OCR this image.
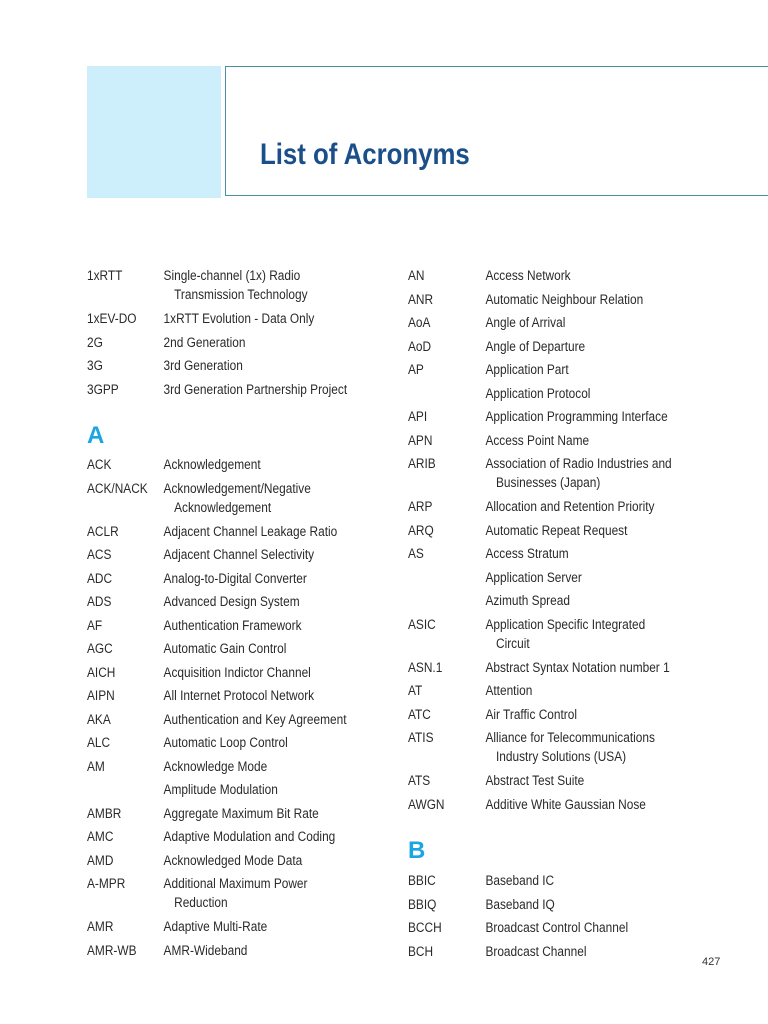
List of Acronyms
1xRTT	Single-channel (1x) Radio
Transmission Technology
1xEV-DO 1xRTT Evolution - Data Only
2G	2nd Generation
3G	3rd Generation
3GPP	3rd Generation Partnership Project
A
ACK	Acknowledgement
ACK/NACK Acknowledgement/Negative
Acknowledgement
ACLR	Adjacent Channel Leakage Ratio
ACS	Adjacent Channel Selectivity
ADC	Analog-to-Digital Converter
ADS	Advanced Design System
AF	Authentication Framework
AGC	Automatic Gain Control
AICH	Acquisition Indictor Channel
AIPN	All Internet Protocol Network
AKA	Authentication and Key Agreement
ALC	Automatic Loop Control
AM	Acknowledge Mode
Amplitude Modulation
AMBR	Aggregate Maximum Bit Rate
AMC	Adaptive Modulation and Coding
AMD	Acknowledged Mode Data
A-MPR	Additional Maximum Power
Reduction
AMR	Adaptive Multi-Rate
AMR-WB AMR-Wideband
AN	Access Network
ANR	Automatic Neighbour Relation
AoA	Angle of Arrival
AoD	Angle of Departure
AP	Application Part
Application Protocol
API	Application Programming Interface
APN	Access Point Name
ARIB	Association of Radio Industries and
Businesses (Japan)
ARP	Allocation and Retention Priority
ARQ	Automatic Repeat Request
AS	Access Stratum
Application Server
Azimuth Spread
ASIC	Application Specific Integrated
Circuit
ASN.1	Abstract Syntax Notation number 1
AT	Attention
ATC	Air Traffic Control
ATIS	Alliance for Telecommunications
Industry Solutions (USA)
ATS	Abstract Test Suite
AWGN	Additive White Gaussian Nose
B
BBIC	Baseband IC
BBIQ	Baseband IQ
BCCH	Broadcast Control Channel
BCH	Broadcast Channel
427
